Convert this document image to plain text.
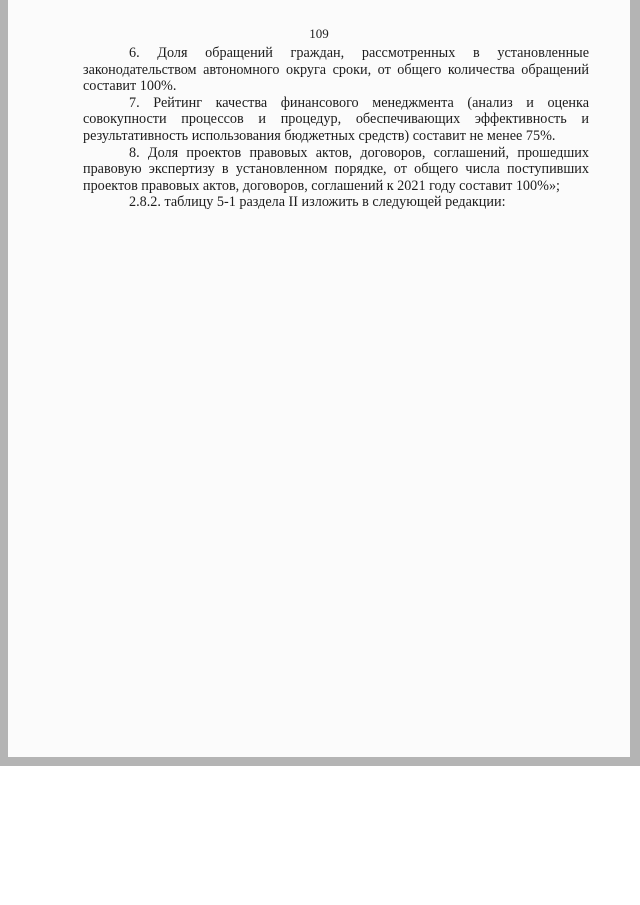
109

6. Доля обращений граждан, рассмотренных в установленные законодательством автономного округа сроки, от общего количества обращений составит 100%.

7. Рейтинг качества финансового менеджмента (анализ и оценка совокупности процессов и процедур, обеспечивающих эффективность и результативность использования бюджетных средств) составит не менее 75%.

8. Доля проектов правовых актов, договоров, соглашений, прошедших правовую экспертизу в установленном порядке, от общего числа поступивших проектов правовых актов, договоров, соглашений к 2021 году составит 100%»;

2.8.2. таблицу 5-1 раздела II изложить в следующей редакции:
